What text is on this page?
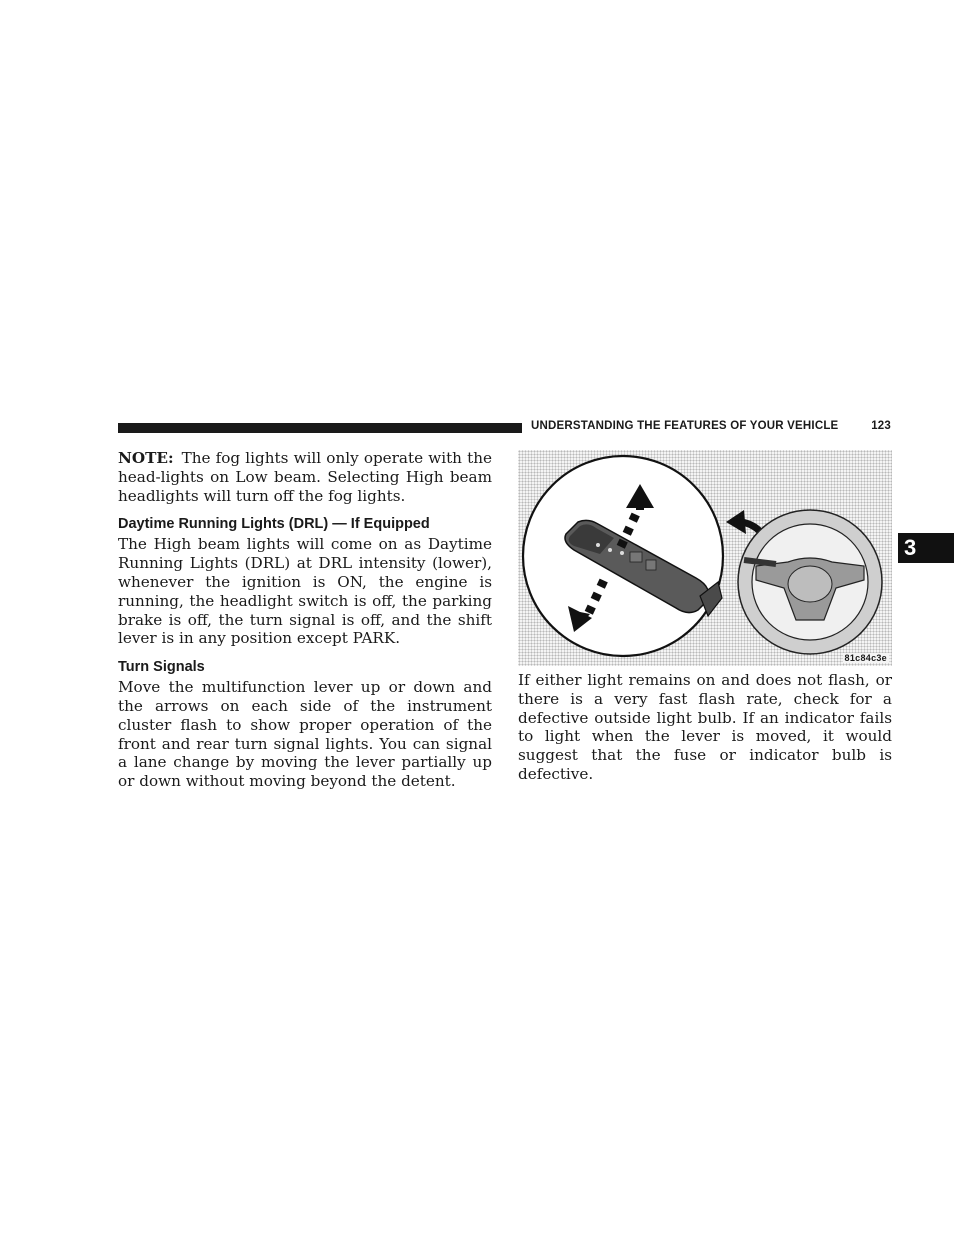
UNDERSTANDING THE FEATURES OF YOUR VEHICLE	123
3

NOTE: The fog lights will only operate with the head-lights on Low beam. Selecting High beam headlights will turn off the fog lights.

Daytime Running Lights (DRL) — If Equipped

The High beam lights will come on as Daytime Running Lights (DRL) at DRL intensity (lower), whenever the ignition is ON, the engine is running, the headlight switch is off, the parking brake is off, the turn signal is off, and the shift lever is in any position except PARK.

Turn Signals

Move the multifunction lever up or down and the arrows on each side of the instrument cluster flash to show proper operation of the front and rear turn signal lights. You can signal a lane change by moving the lever partially up or down without moving beyond the detent.

81c84c3e

If either light remains on and does not flash, or there is a very fast flash rate, check for a defective outside light bulb. If an indicator fails to light when the lever is moved, it would suggest that the fuse or indicator bulb is defective.
